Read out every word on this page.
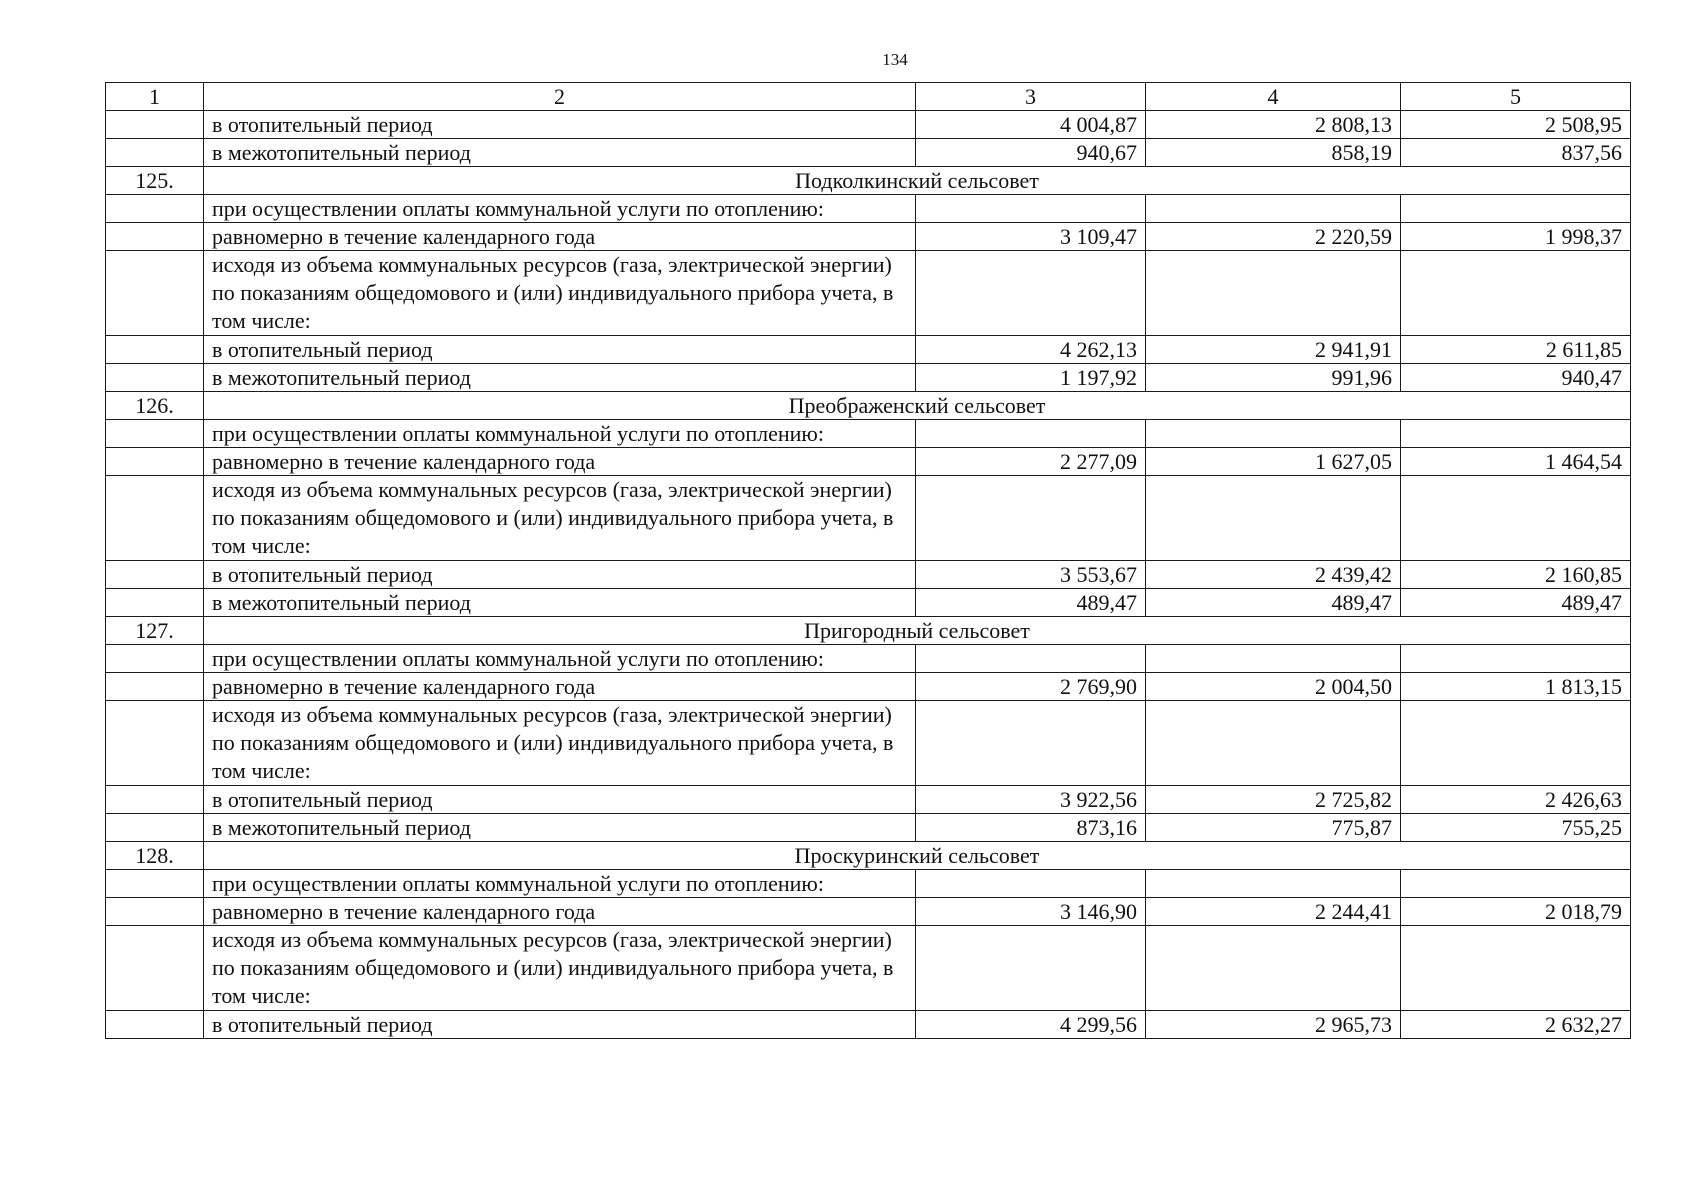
134
1	2	3	4	5
	в отопительный период	4 004,87	2 808,13	2 508,95
	в межотопительный период	940,67	858,19	837,56
125.	Подколкинский сельсовет			
	при осуществлении оплаты коммунальной услуги по отоплению:			
	равномерно в течение календарного года	3 109,47	2 220,59	1 998,37
	исходя из объема коммунальных ресурсов (газа, электрической энергии) по показаниям общедомового и (или) индивидуального прибора учета, в том числе:			
	в отопительный период	4 262,13	2 941,91	2 611,85
	в межотопительный период	1 197,92	991,96	940,47
126.	Преображенский сельсовет			
	при осуществлении оплаты коммунальной услуги по отоплению:			
	равномерно в течение календарного года	2 277,09	1 627,05	1 464,54
	исходя из объема коммунальных ресурсов (газа, электрической энергии) по показаниям общедомового и (или) индивидуального прибора учета, в том числе:			
	в отопительный период	3 553,67	2 439,42	2 160,85
	в межотопительный период	489,47	489,47	489,47
127.	Пригородный сельсовет			
	при осуществлении оплаты коммунальной услуги по отоплению:			
	равномерно в течение календарного года	2 769,90	2 004,50	1 813,15
	исходя из объема коммунальных ресурсов (газа, электрической энергии) по показаниям общедомового и (или) индивидуального прибора учета, в том числе:			
	в отопительный период	3 922,56	2 725,82	2 426,63
	в межотопительный период	873,16	775,87	755,25
128.	Проскуринский сельсовет			
	при осуществлении оплаты коммунальной услуги по отоплению:			
	равномерно в течение календарного года	3 146,90	2 244,41	2 018,79
	исходя из объема коммунальных ресурсов (газа, электрической энергии) по показаниям общедомового и (или) индивидуального прибора учета, в том числе:			
	в отопительный период	4 299,56	2 965,73	2 632,27
